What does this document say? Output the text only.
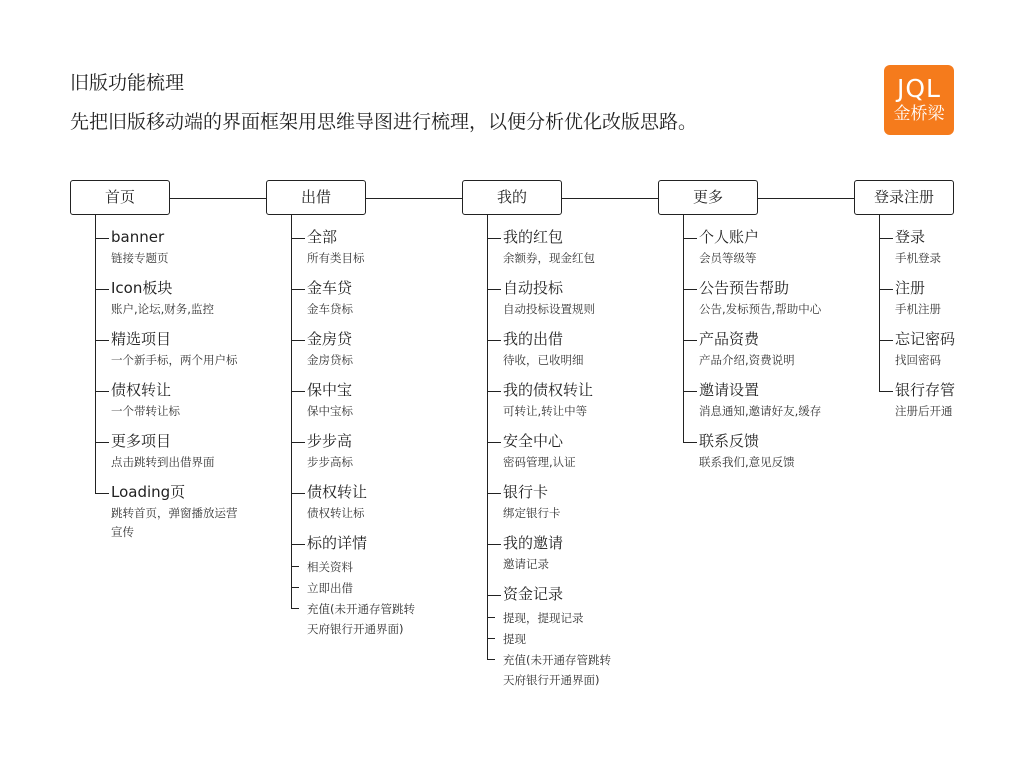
旧版功能梳理
先把旧版移动端的界面框架用思维导图进行梳理，以便分析优化改版思路。
JQL
金桥梁
首页
banner
链接专题页
Icon板块
账户,论坛,财务,监控
精选项目
一个新手标，两个用户标
债权转让
一个带转让标
更多项目
点击跳转到出借界面
Loading页
跳转首页，弹窗播放运营
宣传
出借
全部
所有类目标
金车贷
金车贷标
金房贷
金房贷标
保中宝
保中宝标
步步高
步步高标
债权转让
债权转让标
标的详情
相关资料
立即出借
充值(未开通存管跳转
天府银行开通界面)
我的
我的红包
余额券，现金红包
自动投标
自动投标设置规则
我的出借
待收，已收明细
我的债权转让
可转让,转让中等
安全中心
密码管理,认证
银行卡
绑定银行卡
我的邀请
邀请记录
资金记录
提现，提现记录
提现
充值(未开通存管跳转
天府银行开通界面)
更多
个人账户
会员等级等
公告预告帮助
公告,发标预告,帮助中心
产品资费
产品介绍,资费说明
邀请设置
消息通知,邀请好友,缓存
联系反馈
联系我们,意见反馈
登录注册
登录
手机登录
注册
手机注册
忘记密码
找回密码
银行存管
注册后开通
